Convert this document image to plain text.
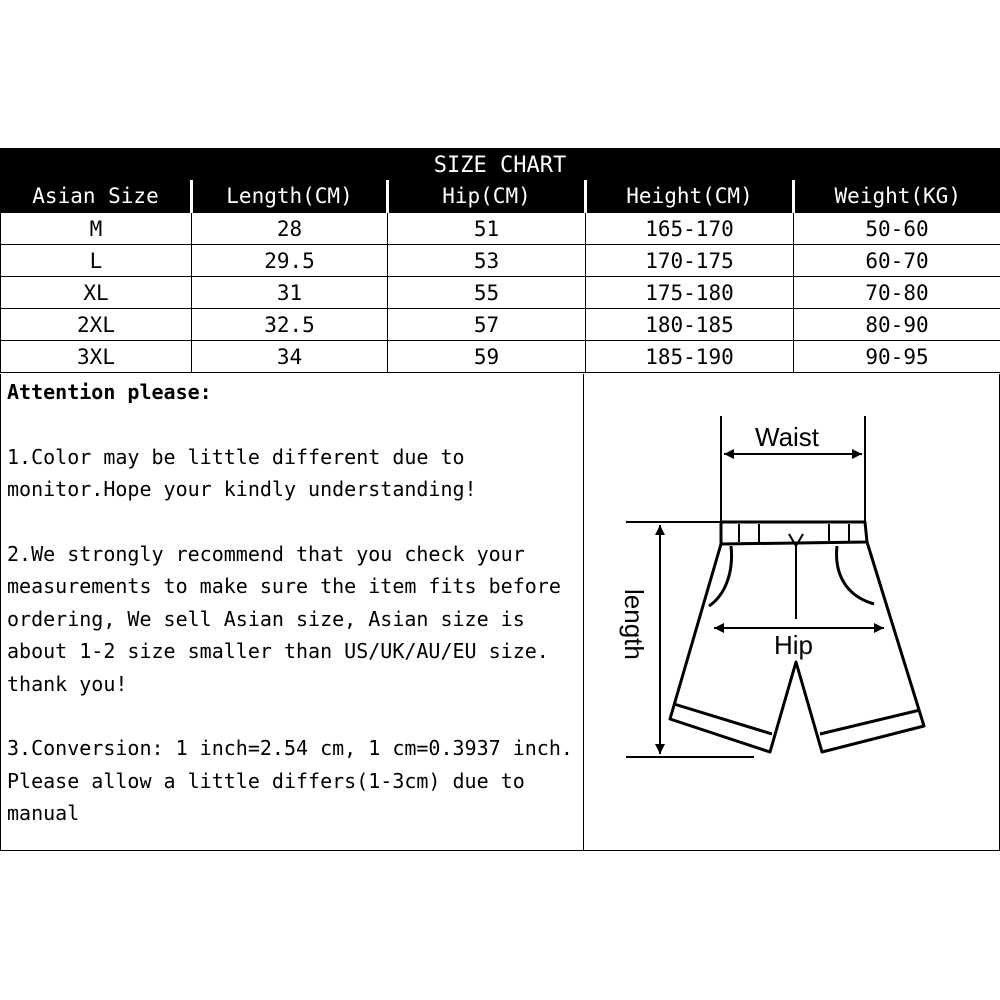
SIZE CHART
Asian Size	Length(CM)	Hip(CM)	Height(CM)	Weight(KG)
M	28	51	165-170	50-60
L	29.5	53	170-175	60-70
XL	31	55	175-180	70-80
2XL	32.5	57	180-185	80-90
3XL	34	59	185-190	90-95
Attention please:

1.Color may be little different due to monitor.Hope your kindly understanding!

2.We strongly recommend that you check your measurements to make sure the item fits before ordering, We sell Asian size, Asian size is about 1-2 size smaller than US/UK/AU/EU size. thank you!

3.Conversion: 1 inch=2.54 cm, 1 cm=0.3937 inch. Please allow a little differs(1-3cm) due to manual

Waist
Hip
length
